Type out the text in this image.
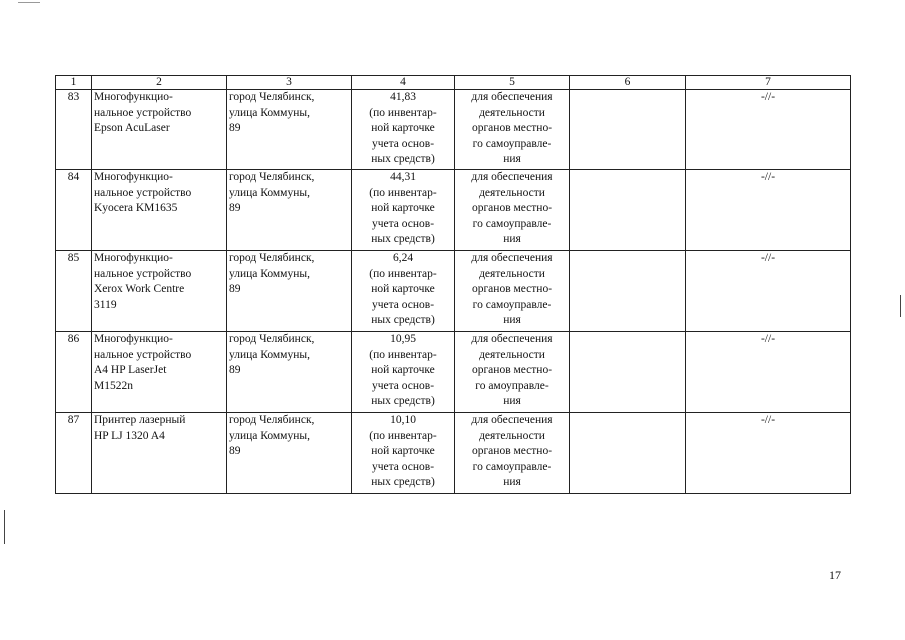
1	2	3	4	5	6	7
83	Многофункцио-
нальное устройство
Epson AcuLaser	город Челябинск,
улица Коммуны,
89	41,83
(по инвентар-
ной карточке
учета основ-
ных средств)	для обеспечения
деятельности
органов местно-
го самоуправле-
ния		-//-
84	Многофункцио-
нальное устройство
Kyocera KM1635	город Челябинск,
улица Коммуны,
89	44,31
(по инвентар-
ной карточке
учета основ-
ных средств)	для обеспечения
деятельности
органов местно-
го самоуправле-
ния		-//-
85	Многофункцио-
нальное устройство
Xerox Work Centre
3119	город Челябинск,
улица Коммуны,
89	6,24
(по инвентар-
ной карточке
учета основ-
ных средств)	для обеспечения
деятельности
органов местно-
го самоуправле-
ния		-//-
86	Многофункцио-
нальное устройство
A4 HP LaserJet
M1522n	город Челябинск,
улица Коммуны,
89	10,95
(по инвентар-
ной карточке
учета основ-
ных средств)	для обеспечения
деятельности
органов местно-
го амоуправле-
ния		-//-
87	Принтер лазерный
HP LJ 1320 A4	город Челябинск,
улица Коммуны,
89	10,10
(по инвентар-
ной карточке
учета основ-
ных средств)	для обеспечения
деятельности
органов местно-
го самоуправле-
ния		-//-
17
